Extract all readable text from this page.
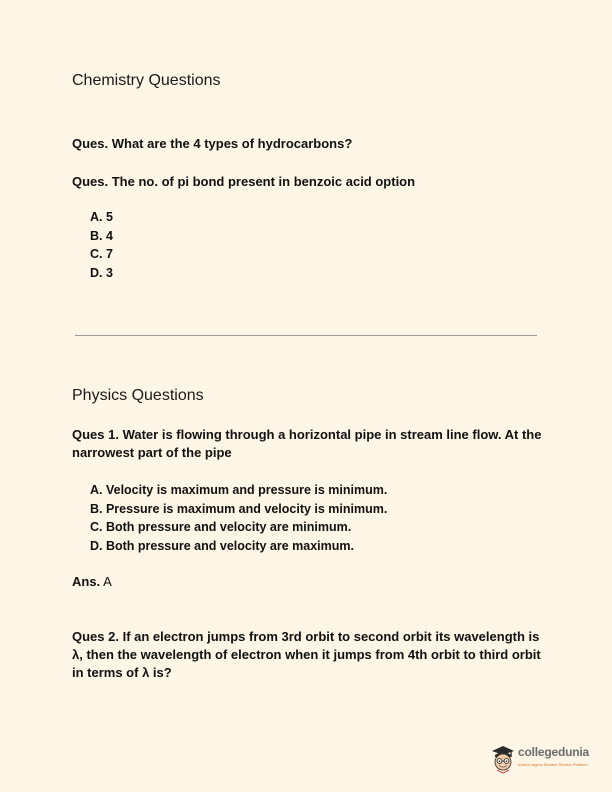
Chemistry Questions

Ques. What are the 4 types of hydrocarbons?

Ques. The no. of pi bond present in benzoic acid option

A. 5
B. 4
C. 7
D. 3
Physics Questions

Ques 1. Water is flowing through a horizontal pipe in stream line flow. At the narrowest part of the pipe

A. Velocity is maximum and pressure is minimum.
B. Pressure is maximum and velocity is minimum.
C. Both pressure and velocity are minimum.
D. Both pressure and velocity are maximum.

Ans. A

Ques 2. If an electron jumps from 3rd orbit to second orbit its wavelength is λ, then the wavelength of electron when it jumps from 4th orbit to third orbit in terms of λ is?

collegedunia
India's largest Student Review Platform
